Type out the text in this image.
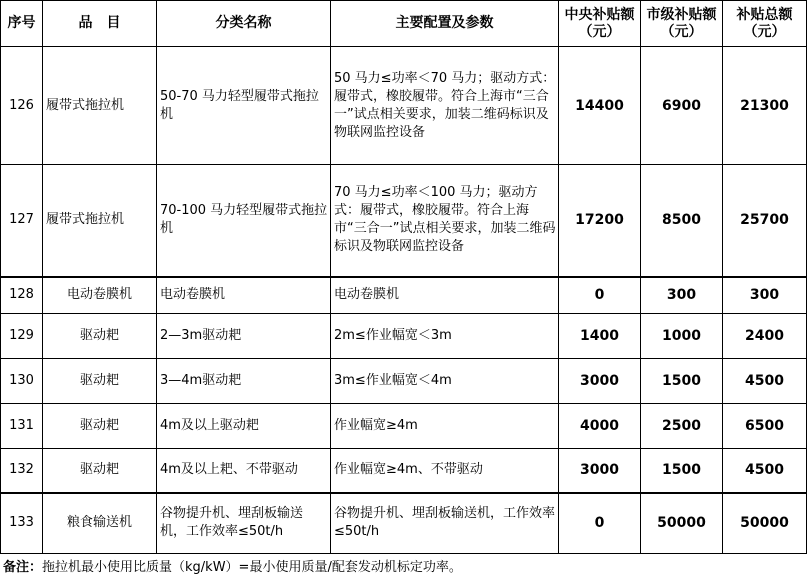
序号	品　目	分类名称	主要配置及参数	中央补贴额（元）	市级补贴额（元）	补贴总额（元）
126	履带式拖拉机	50-70 马力轻型履带式拖拉机	50 马力≤功率＜70 马力；驱动方式：履带式，橡胶履带。符合上海市“三合一”试点相关要求，加装二维码标识及物联网监控设备	14400	6900	21300
127	履带式拖拉机	70-100 马力轻型履带式拖拉机	70 马力≤功率＜100 马力；驱动方式：履带式，橡胶履带。符合上海市“三合一”试点相关要求，加装二维码标识及物联网监控设备	17200	8500	25700
128	电动卷膜机	电动卷膜机	电动卷膜机	0	300	300
129	驱动耙	2—3m驱动耙	2m≤作业幅宽＜3m	1400	1000	2400
130	驱动耙	3—4m驱动耙	3m≤作业幅宽＜4m	3000	1500	4500
131	驱动耙	4m及以上驱动耙	作业幅宽≥4m	4000	2500	6500
132	驱动耙	4m及以上耙、不带驱动	作业幅宽≥4m、不带驱动	3000	1500	4500
133	粮食输送机	谷物提升机、埋刮板输送机，工作效率≤50t/h	谷物提升机、埋刮板输送机，工作效率≤50t/h	0	50000	50000
备注：拖拉机最小使用比质量（kg/kW）=最小使用质量/配套发动机标定功率。
